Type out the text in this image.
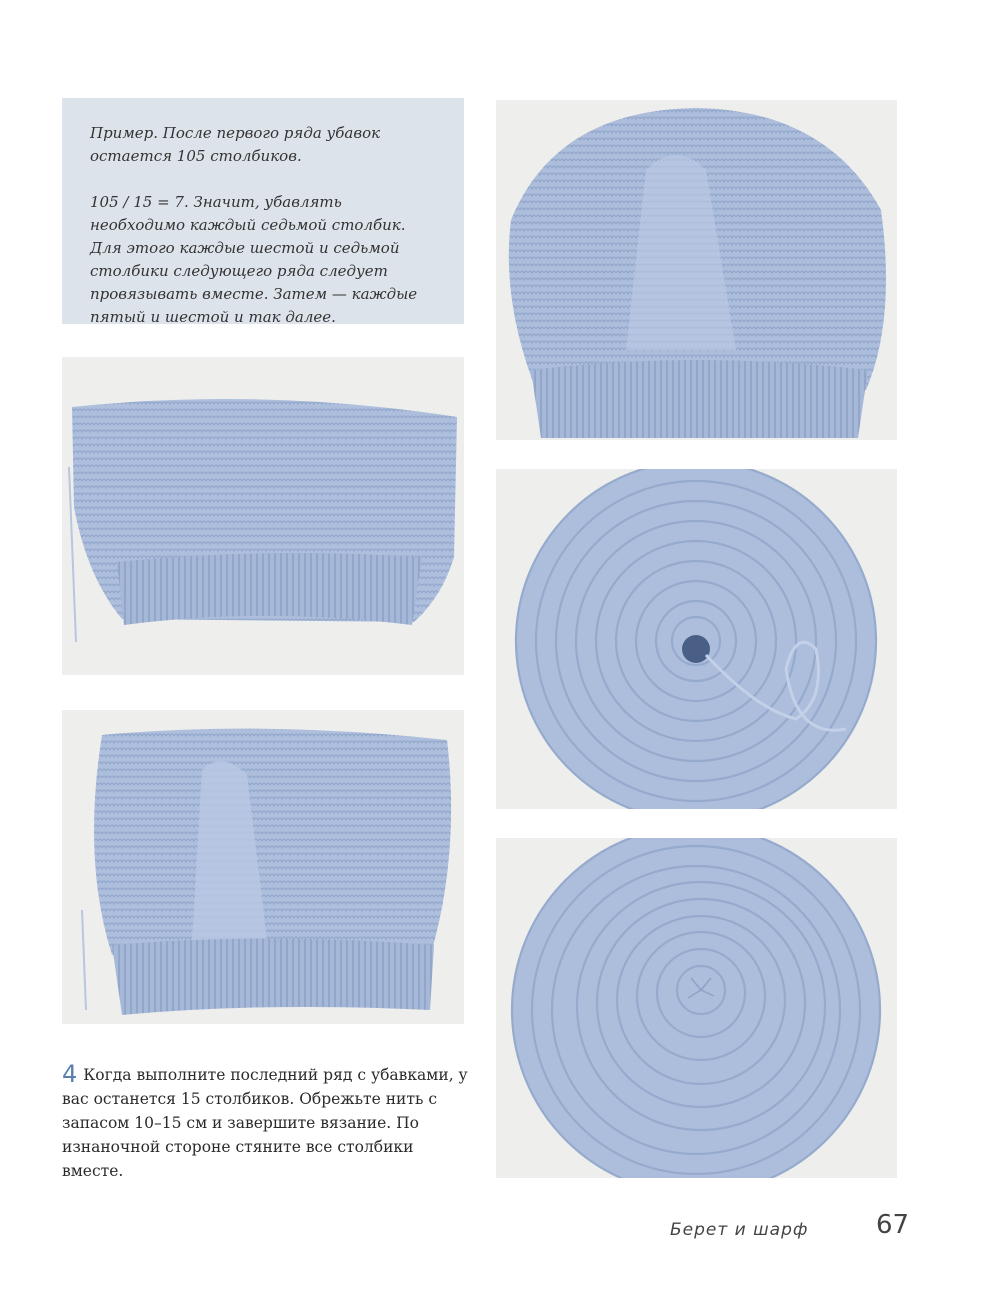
Пример. После первого ряда убавок остается 105 столбиков.

105 / 15 = 7. Значит, убавлять необходимо каждый седьмой столбик. Для этого каждые шестой и седьмой столбики следующего ряда следует провязывать вместе. Затем — каждые пятый и шестой и так далее.

4 Когда выполните последний ряд с убавками, у вас останется 15 столбиков. Обрежьте нить с запасом 10–15 см и завершите вязание. По изнаночной стороне стяните все столбики вместе.
Берет и шарф	67
